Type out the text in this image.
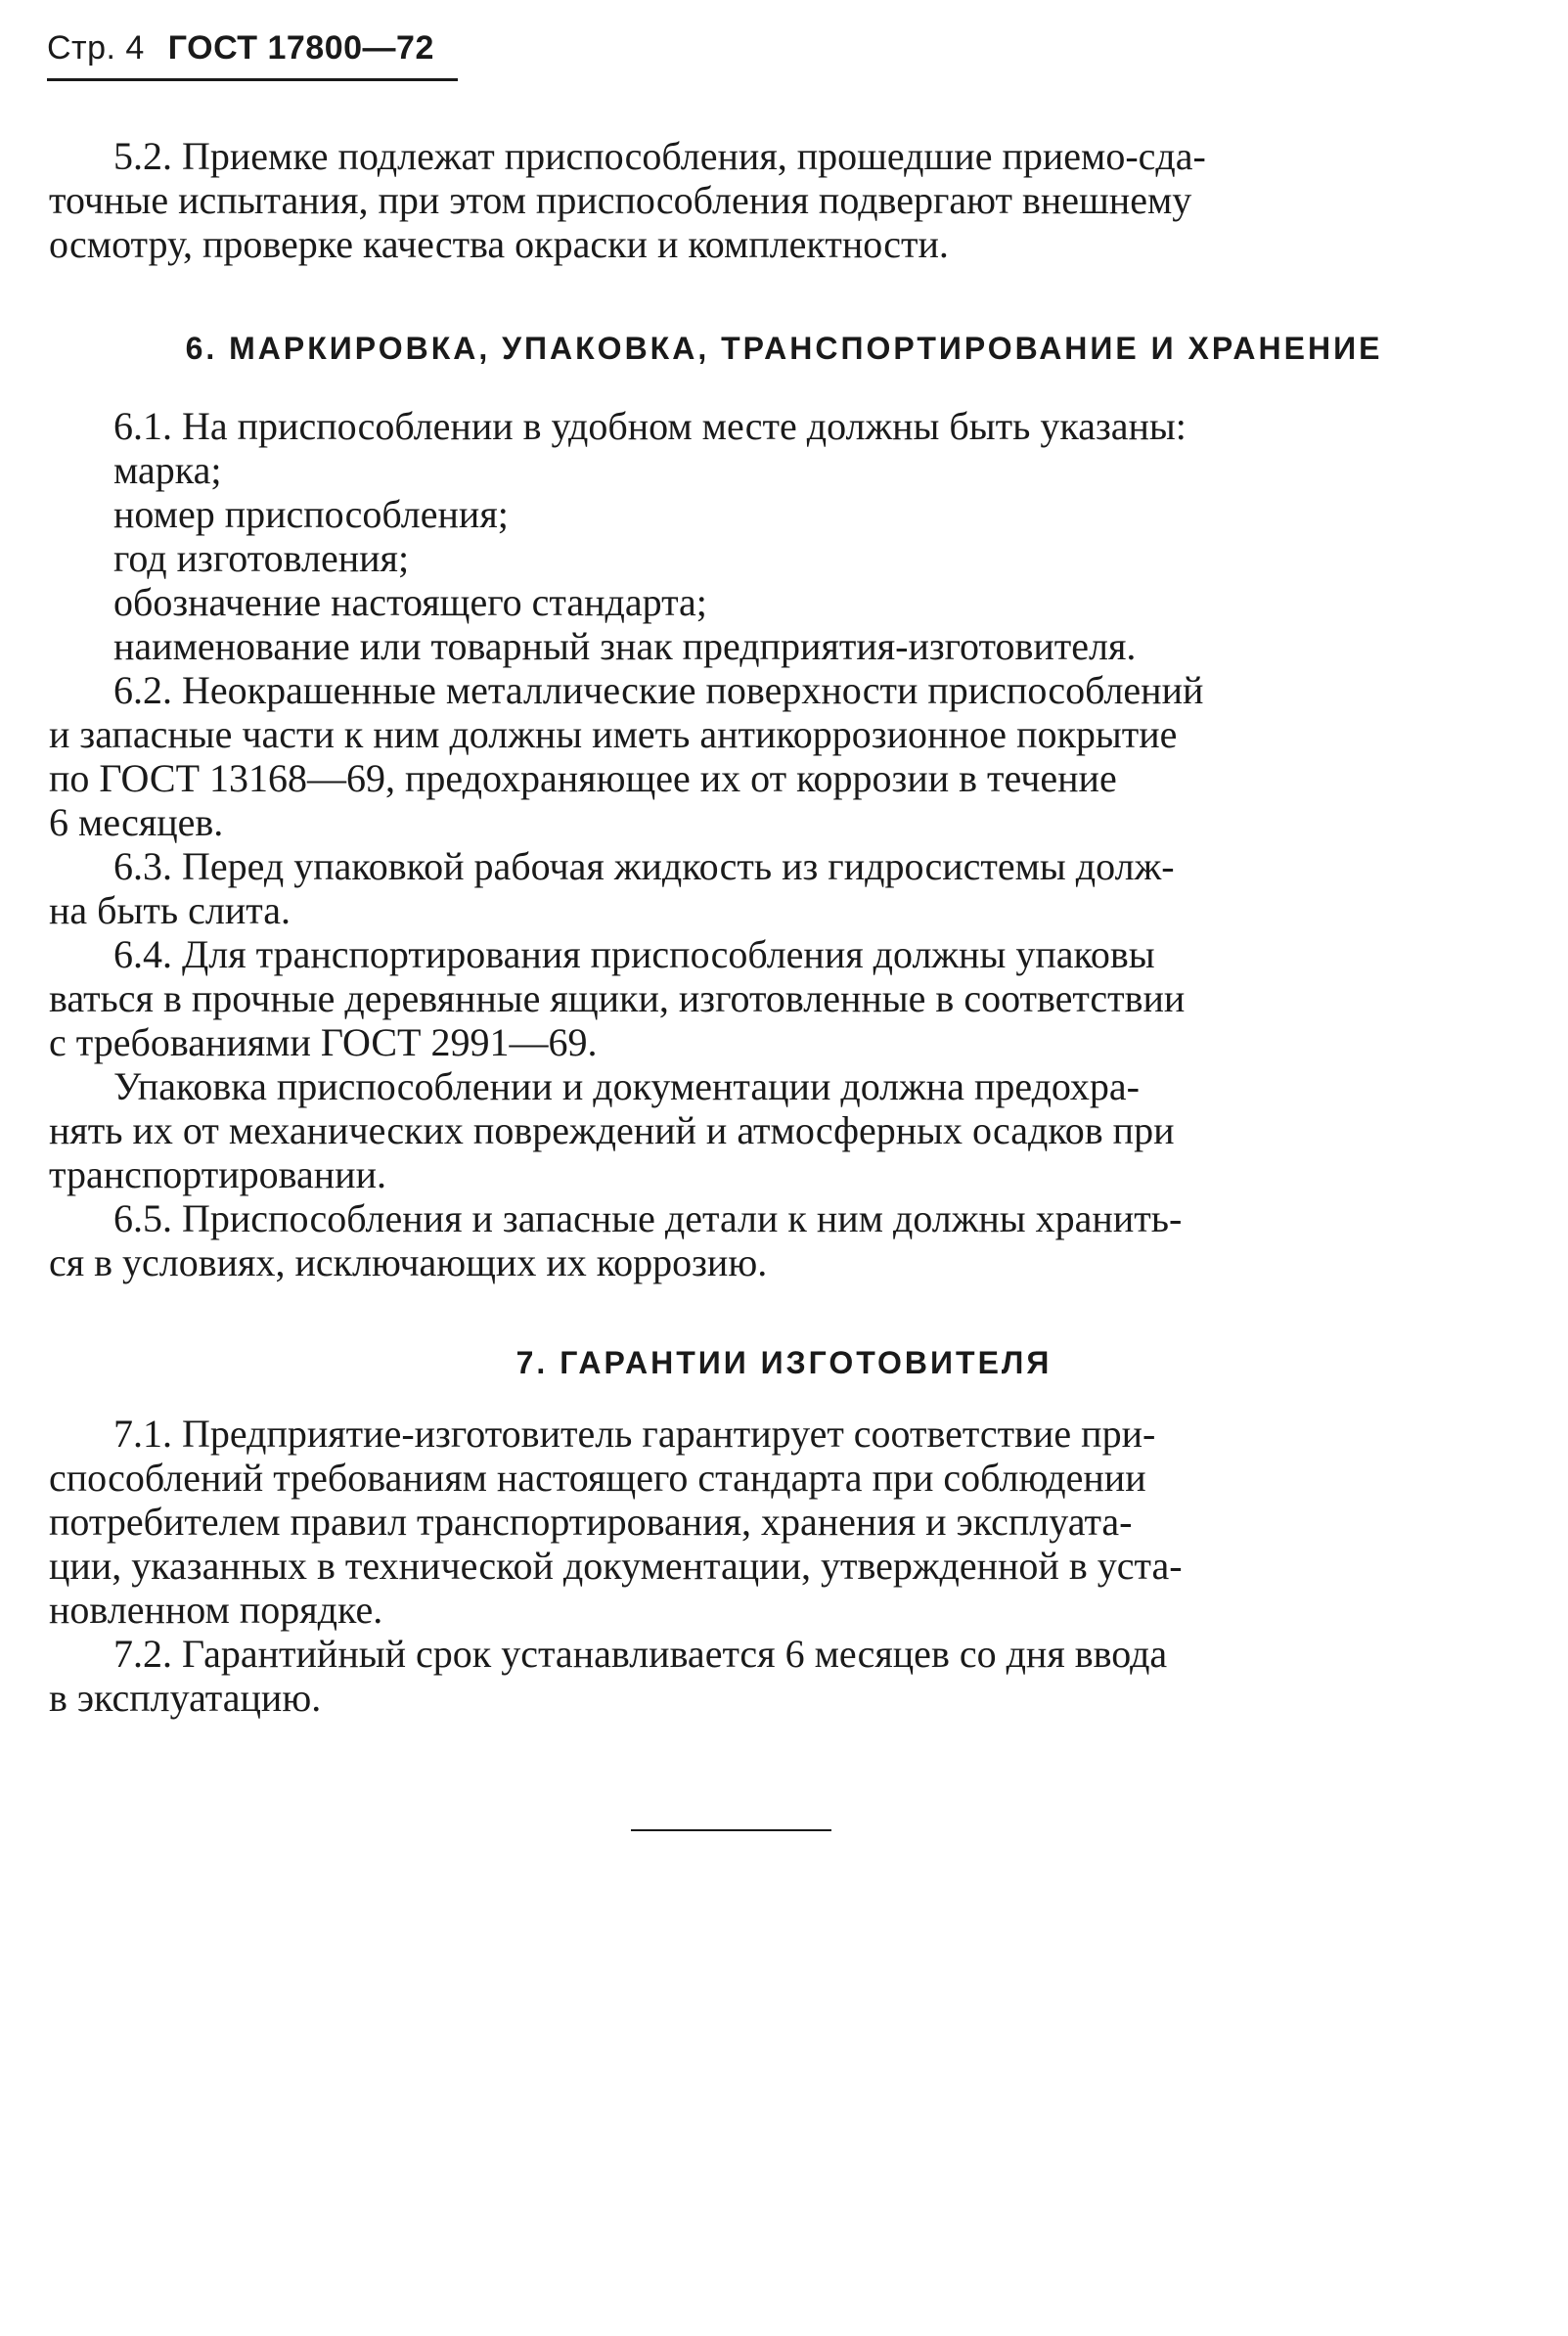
Стр. 4 ГОСТ 17800—72
5.2. Приемке подлежат приспособления, прошедшие приемо-сда-
точные испытания, при этом приспособления подвергают внешнему
осмотру, проверке качества окраски и комплектности.
6. МАРКИРОВКА, УПАКОВКА, ТРАНСПОРТИРОВАНИЕ И ХРАНЕНИЕ
6.1. На приспособлении в удобном месте должны быть указаны:
марка;
номер приспособления;
год изготовления;
обозначение настоящего стандарта;
наименование или товарный знак предприятия-изготовителя.
6.2. Неокрашенные металлические поверхности приспособлений
и запасные части к ним должны иметь антикоррозионное покрытие
по ГОСТ 13168—69, предохраняющее их от коррозии в течение
6 месяцев.
6.3. Перед упаковкой рабочая жидкость из гидросистемы долж-
на быть слита.
6.4. Для транспортирования приспособления должны упаковы
ваться в прочные деревянные ящики, изготовленные в соответствии
с требованиями ГОСТ 2991—69.
Упаковка приспособлении и документации должна предохра-
нять их от механических повреждений и атмосферных осадков при
транспортировании.
6.5. Приспособления и запасные детали к ним должны хранить-
ся в условиях, исключающих их коррозию.
7. ГАРАНТИИ ИЗГОТОВИТЕЛЯ
7.1. Предприятие-изготовитель гарантирует соответствие при-
способлений требованиям настоящего стандарта при соблюдении
потребителем правил транспортирования, хранения и эксплуата-
ции, указанных в технической документации, утвержденной в уста-
новленном порядке.
7.2. Гарантийный срок устанавливается 6 месяцев со дня ввода
в эксплуатацию.
